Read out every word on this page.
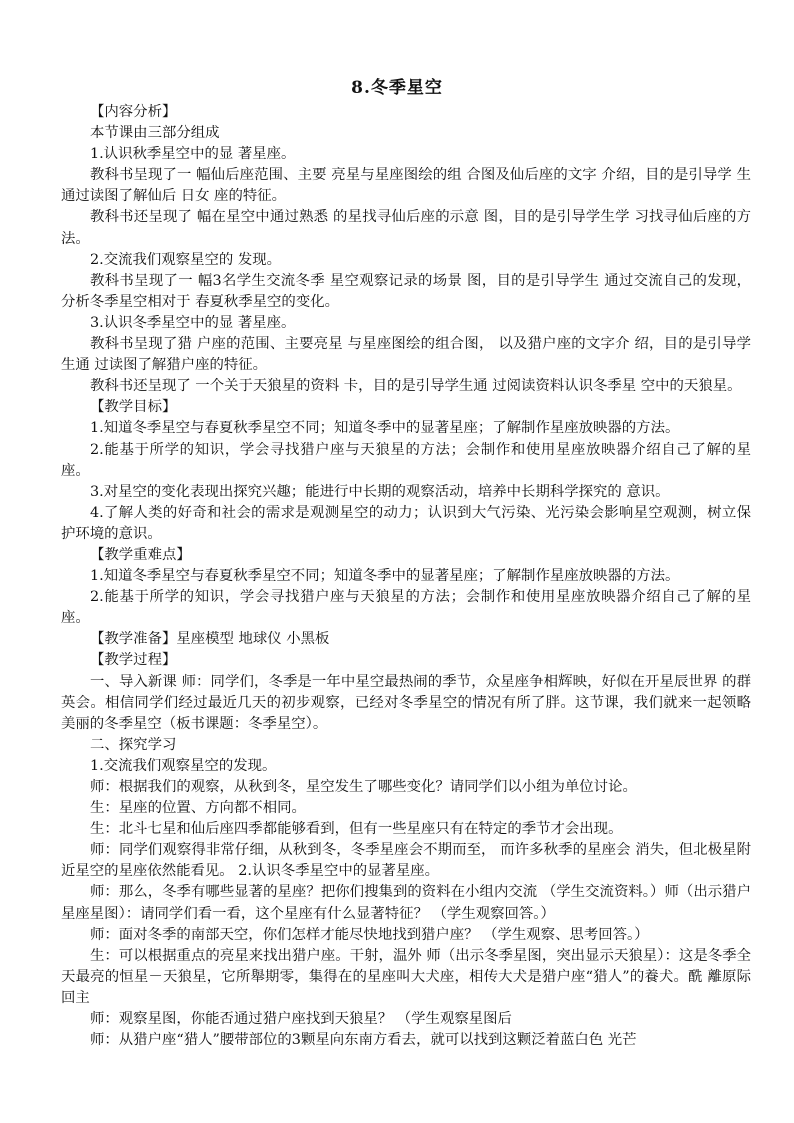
8.冬季星空

【内容分析】

本节课由三部分组成

1.认识秋季星空中的显 著星座。

教科书呈现了一 幅仙后座范围、主要 亮星与星座图绘的组 合图及仙后座的文字 介绍，目的是引导学 生通过读图了解仙后 日女 座的特征。

教科书还呈现了 幅在星空中通过熟悉 的星找寻仙后座的示意 图，目的是引导学生学 习找寻仙后座的方法。

2.交流我们观察星空的 发现。

教科书呈现了一 幅3名学生交流冬季 星空观察记录的场景 图，目的是引导学生 通过交流自己的发现， 分析冬季星空相对于 春夏秋季星空的变化。

3.认识冬季星空中的显 著星座。

教科书呈现了猎 户座的范围、主要亮星 与星座图绘的组合图， 以及猎户座的文字介 绍，目的是引导学生通 过读图了解猎户座的特征。

教科书还呈现了 一个关于天狼星的资料 卡，目的是引导学生通 过阅读资料认识冬季星 空中的天狼星。

【教学目标】

1.知道冬季星空与春夏秋季星空不同；知道冬季中的显著星座；了解制作星座放映器的方法。

2.能基于所学的知识，学会寻找猎户座与天狼星的方法；会制作和使用星座放映器介绍自己了解的星座。

3.对星空的变化表现出探究兴趣；能进行中长期的观察活动，培养中长期科学探究的 意识。

4.了解人类的好奇和社会的需求是观测星空的动力；认识到大气污染、光污染会影响星空观测，树立保护环境的意识。

【教学重难点】

1.知道冬季星空与春夏秋季星空不同；知道冬季中的显著星座；了解制作星座放映器的方法。

2.能基于所学的知识，学会寻找猎户座与天狼星的方法；会制作和使用星座放映器介绍自己了解的星座。

【教学准备】星座模型 地球仪 小黑板

【教学过程】

一、导入新课 师：同学们，冬季是一年中星空最热闹的季节，众星座争相辉映，好似在开星辰世界 的群英会。相信同学们经过最近几天的初步观察，已经对冬季星空的情况有所了胖。这节课，我们就来一起领略美丽的冬季星空（板书课题：冬季星空）。

二、探究学习

1.交流我们观察星空的发现。

师：根据我们的观察，从秋到冬，星空发生了哪些变化？请同学们以小组为单位讨论。

生：星座的位置、方向都不相同。

生：北斗七星和仙后座四季都能够看到，但有一些星座只有在特定的季节才会出现。

师：同学们观察得非常仔细，从秋到冬，冬季星座会不期而至， 而许多秋季的星座会 消失，但北极星附近星空的星座依然能看见。 2.认识冬季星空中的显著星座。

师：那么，冬季有哪些显著的星座？把你们搜集到的资料在小组内交流 （学生交流资料。）师（出示猎户星座星图）：请同学们看一看，这个星座有什么显著特征？ （学生观察回答。）

师：面对冬季的南部天空，你们怎样才能尽快地找到猎户座？ （学生观察、思考回答。）

生：可以根据重点的亮星来找出猎户座。干射，温外 师（出示冬季星图，突出显示天狼星）：这是冬季全天最亮的恒星－天狼星，它所舉期零，集得在的星座叫大犬座，相传大犬是猎户座“猎人”的養犬。酰 離原际回主

师：观察星图，你能否通过猎户座找到天狼星？ （学生观察星图后

师：从猎户座“猎人”腰带部位的3颗星向东南方看去，就可以找到这颗泛着蓝白色 光芒
